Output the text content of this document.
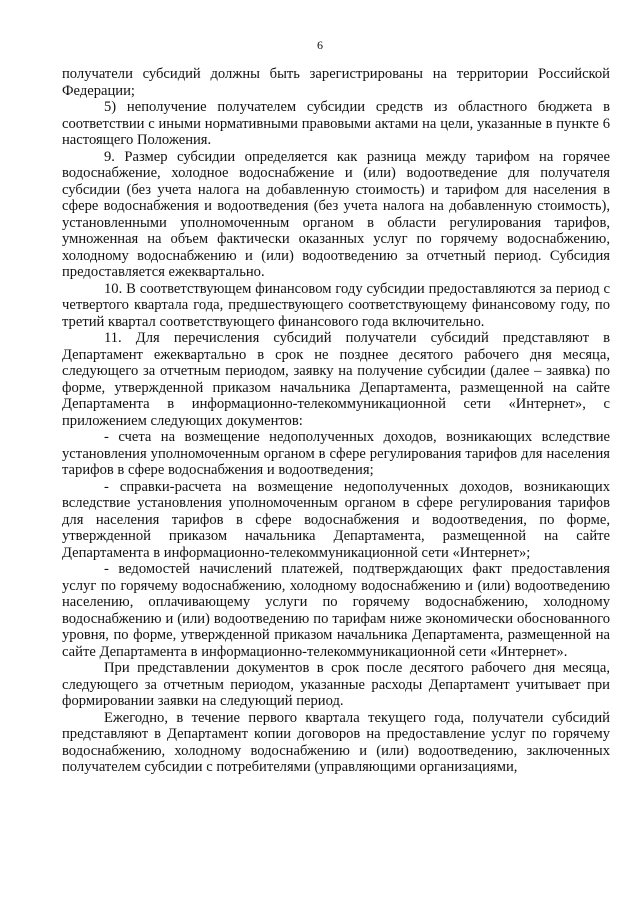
6

получатели субсидий должны быть зарегистрированы на территории Российской Федерации;

5) неполучение получателем субсидии средств из областного бюджета в соответствии с иными нормативными правовыми актами на цели, указанные в пункте 6 настоящего Положения.

9. Размер субсидии определяется как разница между тарифом на горячее водоснабжение, холодное водоснабжение и (или) водоотведение для получателя субсидии (без учета налога на добавленную стоимость) и тарифом для населения в сфере водоснабжения и водоотведения (без учета налога на добавленную стоимость), установленными уполномоченным органом в области регулирования тарифов, умноженная на объем фактически оказанных услуг по горячему водоснабжению, холодному водоснабжению и (или) водоотведению за отчетный период. Субсидия предоставляется ежеквартально.

10. В соответствующем финансовом году субсидии предоставляются за период с четвертого квартала года, предшествующего соответствующему финансовому году, по третий квартал соответствующего финансового года включительно.

11. Для перечисления субсидий получатели субсидий представляют в Департамент ежеквартально в срок не позднее десятого рабочего дня месяца, следующего за отчетным периодом, заявку на получение субсидии (далее – заявка) по форме, утвержденной приказом начальника Департамента, размещенной на сайте Департамента в информационно-телекоммуникационной сети «Интернет», с приложением следующих документов:

- счета на возмещение недополученных доходов, возникающих вследствие установления уполномоченным органом в сфере регулирования тарифов для населения тарифов в сфере водоснабжения и водоотведения;

- справки-расчета на возмещение недополученных доходов, возникающих вследствие установления уполномоченным органом в сфере регулирования тарифов для населения тарифов в сфере водоснабжения и водоотведения, по форме, утвержденной приказом начальника Департамента, размещенной на сайте Департамента в информационно-телекоммуникационной сети «Интернет»;

- ведомостей начислений платежей, подтверждающих факт предоставления услуг по горячему водоснабжению, холодному водоснабжению и (или) водоотведению населению, оплачивающему услуги по горячему водоснабжению, холодному водоснабжению и (или) водоотведению по тарифам ниже экономически обоснованного уровня, по форме, утвержденной приказом начальника Департамента, размещенной на сайте Департамента в информационно-телекоммуникационной сети «Интернет».

При представлении документов в срок после десятого рабочего дня месяца, следующего за отчетным периодом, указанные расходы Департамент учитывает при формировании заявки на следующий период.

Ежегодно, в течение первого квартала текущего года, получатели субсидий представляют в Департамент копии договоров на предоставление услуг по горячему водоснабжению, холодному водоснабжению и (или) водоотведению, заключенных получателем субсидии с потребителями (управляющими организациями,
